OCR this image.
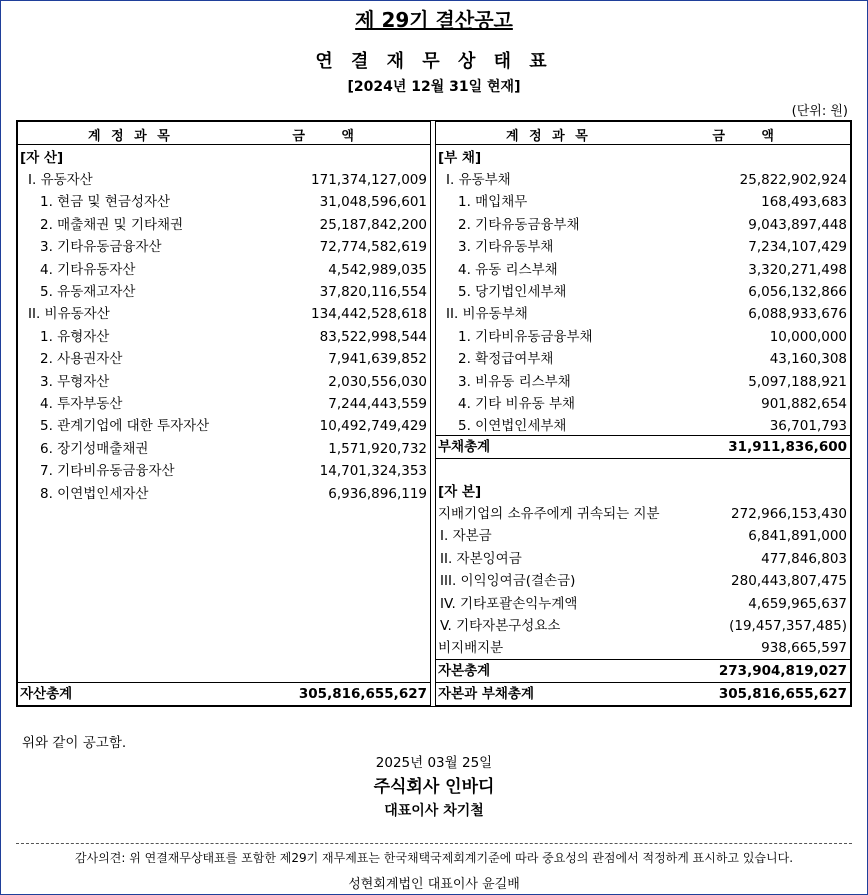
제 29기 결산공고
연 결 재 무 상 태 표
[2024년 12월 31일 현재]
(단위: 원)
계 정 과 목	금 액
[자 산]
I. 유동자산	171,374,127,009
1. 현금 및 현금성자산	31,048,596,601
2. 매출채권 및 기타채권	25,187,842,200
3. 기타유동금융자산	72,774,582,619
4. 기타유동자산	4,542,989,035
5. 유동재고자산	37,820,116,554
II. 비유동자산	134,442,528,618
1. 유형자산	83,522,998,544
2. 사용권자산	7,941,639,852
3. 무형자산	2,030,556,030
4. 투자부동산	7,244,443,559
5. 관계기업에 대한 투자자산	10,492,749,429
6. 장기성매출채권	1,571,920,732
7. 기타비유동금융자산	14,701,324,353
8. 이연법인세자산	6,936,896,119
자산총계	305,816,655,627
계 정 과 목	금 액
[부 채]
I. 유동부채	25,822,902,924
1. 매입채무	168,493,683
2. 기타유동금융부채	9,043,897,448
3. 기타유동부채	7,234,107,429
4. 유동 리스부채	3,320,271,498
5. 당기법인세부채	6,056,132,866
II. 비유동부채	6,088,933,676
1. 기타비유동금융부채	10,000,000
2. 확정급여부채	43,160,308
3. 비유동 리스부채	5,097,188,921
4. 기타 비유동 부채	901,882,654
5. 이연법인세부채	36,701,793
부채총계	31,911,836,600
[자 본]
지배기업의 소유주에게 귀속되는 지분	272,966,153,430
I. 자본금	6,841,891,000
II. 자본잉여금	477,846,803
III. 이익잉여금(결손금)	280,443,807,475
IV. 기타포괄손익누계액	4,659,965,637
V. 기타자본구성요소	(19,457,357,485)
비지배지분	938,665,597
자본총계	273,904,819,027
자본과 부채총계	305,816,655,627
위와 같이 공고함.
2025년 03월 25일
주식회사 인바디
대표이사 차기철
감사의견: 위 연결재무상태표를 포함한 제29기 재무제표는 한국채택국제회계기준에 따라 중요성의 관점에서 적정하게 표시하고 있습니다.
성현회계법인 대표이사 윤길배
